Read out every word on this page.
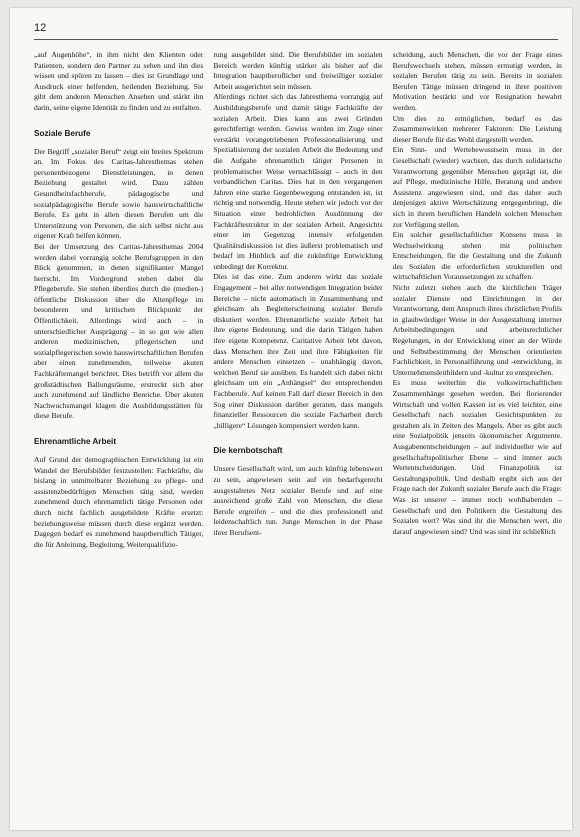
12

„auf Augenhöhe“, in ihm nicht den Klienten oder Patienten, sondern den Partner zu sehen und ihn dies wissen und spüren zu lassen – dies ist Grundlage und Ausdruck einer helfenden, heilenden Beziehung. Sie gibt dem anderen Menschen Ansehen und stärkt ihn darin, seine eigene Identität zu finden und zu entfalten.

Soziale Berufe

Der Begriff „sozialer Beruf“ zeigt ein breites Spektrum an. Im Fokus des Caritas-Jahresthemas stehen personenbezogene Dienstleistungen, in denen Beziehung gestaltet wird. Dazu zählen Gesundheitsfachberufe, pädagogische und sozialpädagogische Berufe sowie hauswirtschaftliche Berufe. Es geht in allen diesen Berufen um die Unterstützung von Personen, die sich selbst nicht aus eigener Kraft helfen können.

Bei der Umsetzung des Caritas-Jahresthemas 2004 werden dabei vorrangig solche Berufsgruppen in den Blick genommen, in denen signifikanter Mangel herrscht. Im Vordergrund stehen dabei die Pflegeberufe. Sie stehen überdies durch die (medien-) öffentliche Diskussion über die Altenpflege im besonderen und kritischen Blickpunkt der Öffentlichkeit. Allerdings wird auch – in unterschiedlicher Ausprägung – in so gut wie allen anderen medizinischen, pflegerischen und sozialpflegerischen sowie hauswirtschaftlichen Berufen aber einen zunehmenden, teilweise akuten Fachkräftemangel berichtet. Dies betrifft vor allem die großstädtischen Ballungsräume, erstreckt sich aber auch zunehmend auf ländliche Bereiche. Über akuten Nachwuchsmangel klagen die Ausbildungsstätten für diese Berufe.

Ehrenamtliche Arbeit

Auf Grund der demographischen Entwicklung ist ein Wandel der Berufsbilder festzustellen: Fachkräfte, die bislang in unmittelbarer Beziehung zu pflege- und assistenzbedürftigen Menschen tätig sind, werden zunehmend durch ehrenamtlich tätige Personen oder durch nicht fachlich ausgebildete Kräfte ersetzt: beziehungsweise müssen durch diese ergänzt werden. Dagegen bedarf es zunehmend hauptberuflich Tätiger, die für Anleitung, Begleitung, Weiterqualifizie-

rung ausgebildet sind. Die Berufsbilder im sozialen Bereich werden künftig stärker als bisher auf die Integration hauptberuflicher und freiwilliger sozialer Arbeit ausgerichtet sein müssen.

Allerdings richtet sich das Jahresthema vorrangig auf Ausbildungsberufe und damit tätige Fachkräfte der sozialen Arbeit. Dies kann aus zwei Gründen gerechtfertigt werden. Gewiss wurden im Zuge einer verstärkt vorangetriebenen Professionalisierung und Spezialisierung der sozialen Arbeit die Bedeutung und die Aufgabe ehrenamtlich tätiger Personen in problematischer Weise vernachlässigt – auch in den verbandlichen Caritas. Dies hat in den vergangenen Jahren eine starke Gegenbewegung entstanden ist, ist richtig und notwendig. Heute stehen wir jedoch vor der Situation einer bedrohlichen Ausdünnung der Fachkräftestruktur in der sozialen Arbeit. Angesichts einer im Gegenzug intensiv erfolgenden Qualitätsdiskussion ist dies äußerst problematisch und bedarf im Hinblick auf die zukünftige Entwicklung unbedingt der Korrektur.

Dies ist das eine. Zum anderen wirkt das soziale Engagement – bei aller notwendigen Integration beider Bereiche – nicht automatisch in Zusammenhang und gleichsam als Begleiterscheinung sozialer Berufe diskutiert werden. Ehrenamtliche soziale Arbeit hat ihre eigene Bedeutung, und die darin Tätigen haben ihre eigene Kompetenz. Caritative Arbeit lebt davon, dass Menschen ihre Zeit und ihre Fähigkeiten für andere Menschen einsetzen – unabhängig davon, welchen Beruf sie ausüben. Es handelt sich dabei nicht gleichsam um ein „Anhängsel“ der entsprechenden Fachberufe. Auf keinen Fall darf dieser Bereich in den Sog einer Diskussion darüber geraten, dass mangels finanzieller Ressourcen die soziale Facharbeit durch „billigere“ Lösungen kompensiert werden kann.

Die kernbotschaft

Unsere Gesellschaft wird, um auch künftig lebenswert zu sein, angewiesen sein auf ein bedarfsgerecht ausgestaltetes Netz sozialer Berufe und auf eine ausreichend große Zahl von Menschen, die diese Berufe ergreifen – und die dies professionell und leidenschaftlich tun. Junge Menschen in der Phase ihrer Berufsent-

scheidung, auch Menschen, die vor der Frage eines Berufswechsels stehen, müssen ermutigt werden, in sozialen Berufen tätig zu sein. Bereits in sozialen Berufen Tätige müssen dringend in ihrer positiven Motivation bestärkt und vor Resignation bewahrt werden.

Um dies zu ermöglichen, bedarf es das Zusammenwirken mehrerer Faktoren: Die Leistung dieser Berufe für das Wohl dargestellt werden.

Ein Sinn- und Wertebewusstsein muss in der Gesellschaft (wieder) wachsen, das durch solidarische Verantwortung gegenüber Menschen geprägt ist, die auf Pflege, medizinische Hilfe, Beratung und andere Assistenz angewiesen sind, und das daher auch denjenigen aktive Wertschätzung entgegenbringt, die sich in ihrem beruflichen Handeln solchen Menschen zur Verfügung stellen.

Ein solcher gesellschaftlicher Konsens muss in Wechselwirkung stehen mit politischen Entscheidungen, für die Gestaltung und die Zukunft des Sozialen die erforderlichen strukturellen und wirtschaftlichen Voraussetzungen zu schaffen.

Nicht zuletzt stehen auch die kirchlichen Träger sozialer Dienste und Einrichtungen in der Verantwortung, dem Anspruch ihres christlichen Profils in glaubwürdiger Weise in der Ausgestaltung interner Arbeitsbedingungen und arbeitsrechtlicher Regelungen, in der Entwicklung einer an der Würde und Selbstbestimmung der Menschen orientierten Fachlichkeit, in Personalführung und -entwicklung, in Unternehmensleitbildern und -kultur zu entsprechen.

Es muss weiterhin die volkswirtschaftlichen Zusammenhänge gesehen werden. Bei florierender Wirtschaft und vollen Kassen ist es viel leichter, eine Gesellschaft nach sozialen Gesichtspunkten zu gestalten als in Zeiten des Mangels. Aber es gibt auch eine Sozialpolitik jenseits ökonomischer Argumente. Ausgabenentscheidungen – auf individueller wie auf gesellschaftspolitischer Ebene – sind immer auch Wertentscheidungen. Und Finanzpolitik ist Gestaltungspolitik. Und deshalb ergibt sich aus der Frage nach der Zukunft sozialer Berufe auch die Frage: Was ist unserer – immer noch wohlhabenden – Gesellschaft und den Politikern die Gestaltung des Sozialen wert? Was sind ihr die Menschen wert, die darauf angewiesen sind? Und was sind ihr schließlich
